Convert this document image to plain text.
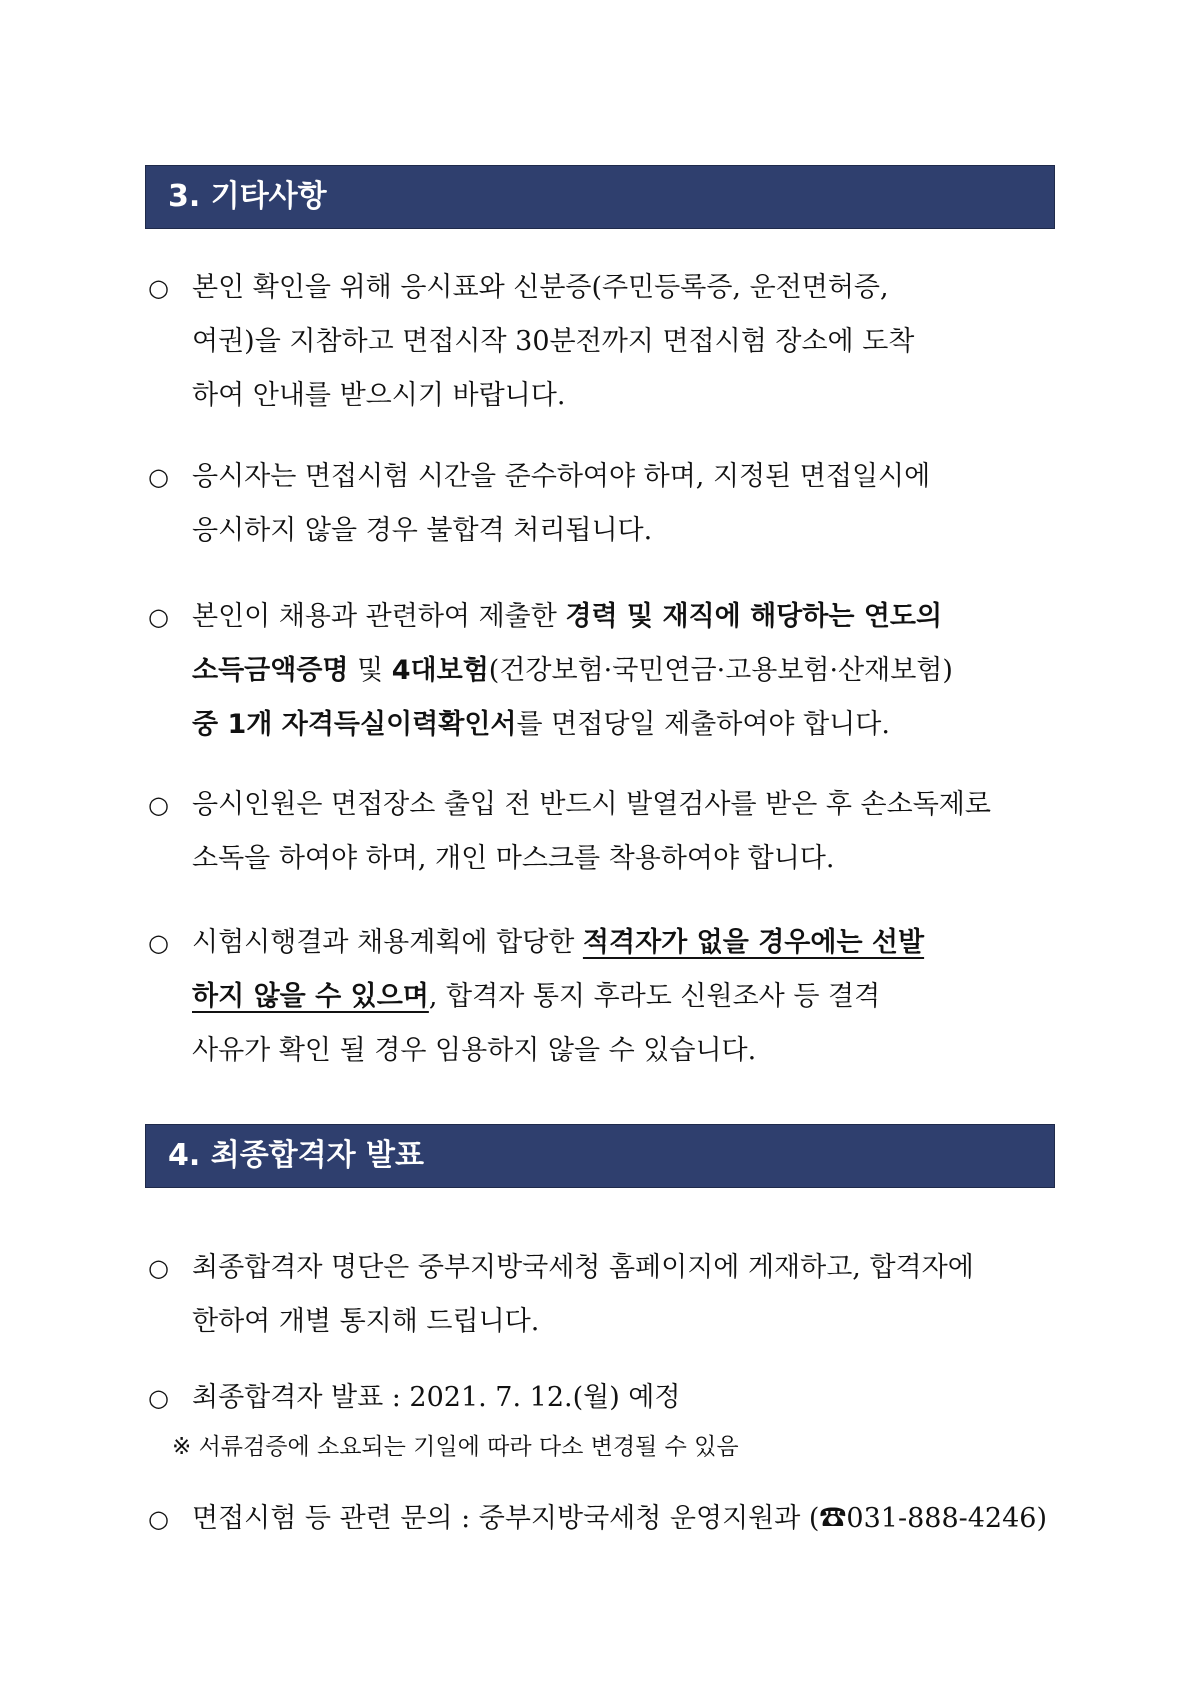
3. 기타사항
○ 본인 확인을 위해 응시표와 신분증(주민등록증, 운전면허증,
여권)을 지참하고 면접시작 30분전까지 면접시험 장소에 도착
하여 안내를 받으시기 바랍니다.
○ 응시자는 면접시험 시간을 준수하여야 하며, 지정된 면접일시에
응시하지 않을 경우 불합격 처리됩니다.
○ 본인이 채용과 관련하여 제출한 경력 및 재직에 해당하는 연도의
소득금액증명 및 4대보험(건강보험·국민연금·고용보험·산재보험)
중 1개 자격득실이력확인서를 면접당일 제출하여야 합니다.
○ 응시인원은 면접장소 출입 전 반드시 발열검사를 받은 후 손소독제로
소독을 하여야 하며, 개인 마스크를 착용하여야 합니다.
○ 시험시행결과 채용계획에 합당한 적격자가 없을 경우에는 선발
하지 않을 수 있으며, 합격자 통지 후라도 신원조사 등 결격
사유가 확인 될 경우 임용하지 않을 수 있습니다.
4. 최종합격자 발표
○ 최종합격자 명단은 중부지방국세청 홈페이지에 게재하고, 합격자에
한하여 개별 통지해 드립니다.
○ 최종합격자 발표 : 2021. 7. 12.(월) 예정
※ 서류검증에 소요되는 기일에 따라 다소 변경될 수 있음
○ 면접시험 등 관련 문의 : 중부지방국세청 운영지원과 (☎031-888-4246)
